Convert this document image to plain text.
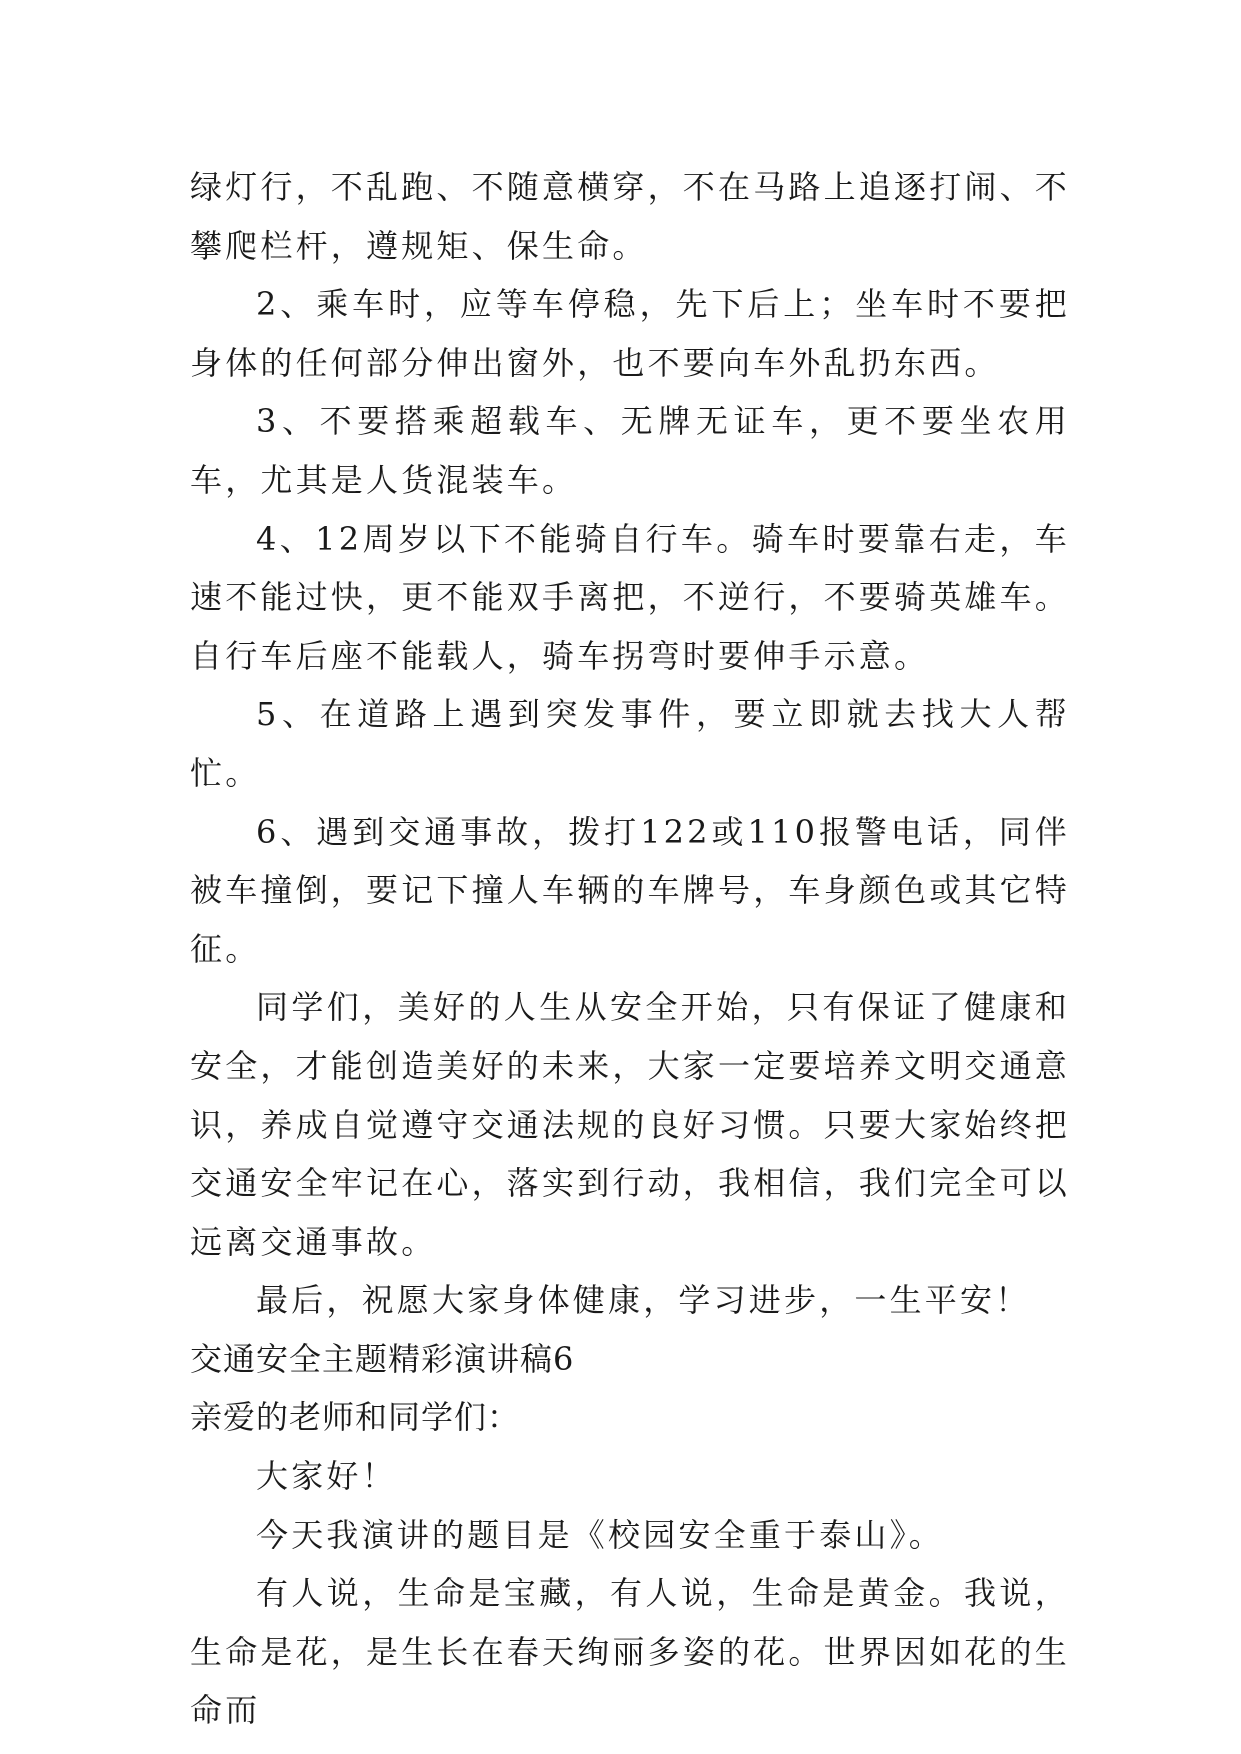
绿灯行，不乱跑、不随意横穿，不在马路上追逐打闹、不攀爬栏杆，遵规矩、保生命。

2、乘车时，应等车停稳，先下后上；坐车时不要把身体的任何部分伸出窗外，也不要向车外乱扔东西。

3、不要搭乘超载车、无牌无证车，更不要坐农用车，尤其是人货混装车。

4、12周岁以下不能骑自行车。骑车时要靠右走，车速不能过快，更不能双手离把，不逆行，不要骑英雄车。自行车后座不能载人，骑车拐弯时要伸手示意。

5、在道路上遇到突发事件，要立即就去找大人帮忙。

6、遇到交通事故，拨打122或110报警电话，同伴被车撞倒，要记下撞人车辆的车牌号，车身颜色或其它特征。

同学们，美好的人生从安全开始，只有保证了健康和安全，才能创造美好的未来，大家一定要培养文明交通意识，养成自觉遵守交通法规的良好习惯。只要大家始终把交通安全牢记在心，落实到行动，我相信，我们完全可以远离交通事故。

最后，祝愿大家身体健康，学习进步，一生平安！

交通安全主题精彩演讲稿6

亲爱的老师和同学们：

大家好！

今天我演讲的题目是《校园安全重于泰山》。

有人说，生命是宝藏，有人说，生命是黄金。我说，生命是花，是生长在春天绚丽多姿的花。世界因如花的生命而
